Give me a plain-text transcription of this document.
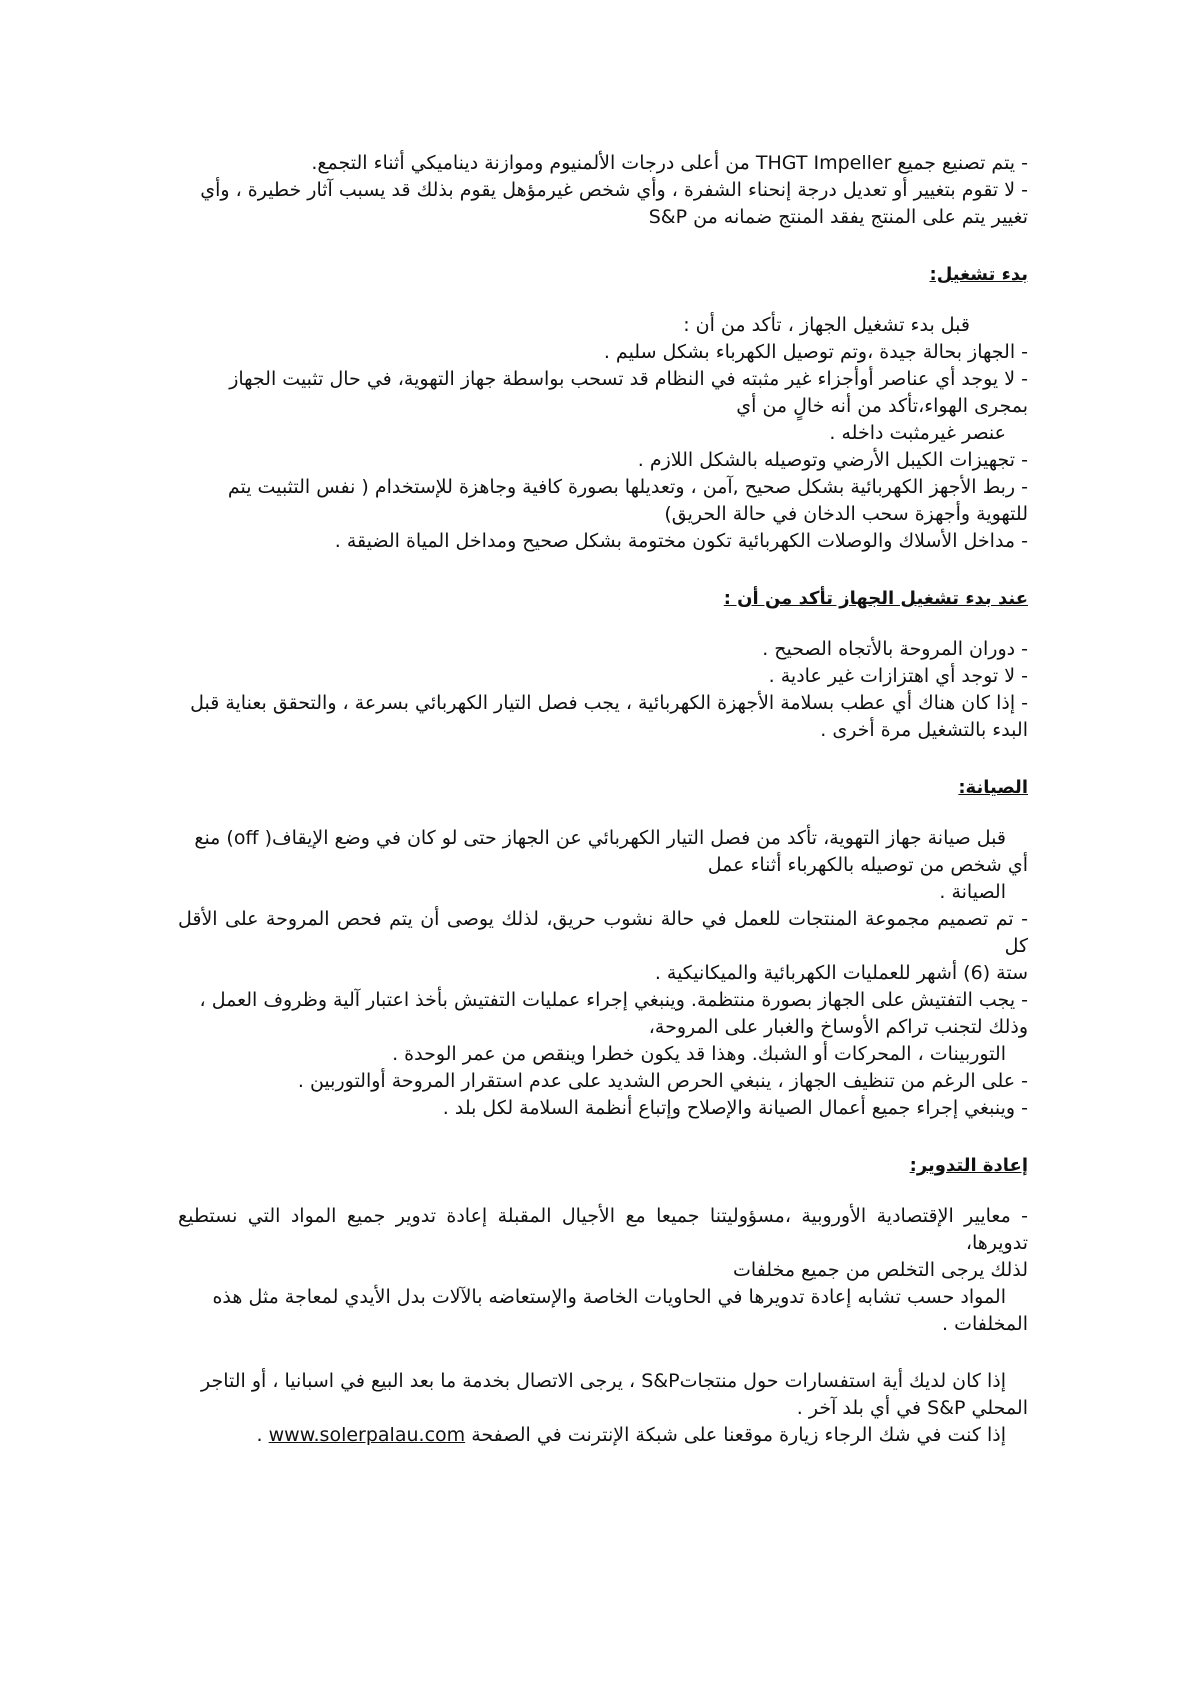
- يتم تصنيع جميع THGT Impeller من أعلى درجات الألمنيوم وموازنة ديناميكي أثناء التجمع.
- لا تقوم بتغيير أو تعديل درجة إنحناء الشفرة ، وأي شخص غيرمؤهل يقوم بذلك قد يسبب آثار خطيرة ، وأي
تغيير يتم على المنتج يفقد المنتج ضمانه من S&P
بدء تشغيل:
قبل بدء تشغيل الجهاز ، تأكد من أن :
- الجهاز بحالة جيدة ،وتم توصيل الكهرباء بشكل سليم .
- لا يوجد أي عناصر أوأجزاء غير مثبته في النظام قد تسحب بواسطة جهاز التهوية، في حال تثبيت الجهاز
بمجرى الهواء،تأكد من أنه خالٍ من أي
عنصر غيرمثبت داخله .
- تجهيزات الكيبل الأرضي وتوصيله بالشكل اللازم .
- ربط الأجهز الكهربائية بشكل صحيح ,آمن ، وتعديلها بصورة كافية وجاهزة للإستخدام ( نفس التثبيت يتم
للتهوية وأجهزة سحب الدخان في حالة الحريق)
- مداخل الأسلاك والوصلات الكهربائية تكون مختومة بشكل صحيح ومداخل المياة الضيقة .
عند بدء تشغيل الجهاز تأكد من أن :
- دوران المروحة بالأتجاه الصحيح .
- لا توجد أي اهتزازات غير عادية .
- إذا كان هناك أي عطب بسلامة الأجهزة الكهربائية ، يجب فصل التيار الكهربائي بسرعة ، والتحقق بعناية قبل
البدء بالتشغيل مرة أخرى .
الصيانة:
قبل صيانة جهاز التهوية، تأكد من فصل التيار الكهربائي عن الجهاز حتى لو كان في وضع الإيقاف( off) منع
أي شخص من توصيله بالكهرباء أثناء عمل
الصيانة .
- تم تصميم مجموعة المنتجات للعمل في حالة نشوب حريق، لذلك يوصى أن يتم فحص المروحة على الأقل كل
ستة (6) أشهر للعمليات الكهربائية والميكانيكية .
- يجب التفتيش على الجهاز بصورة منتظمة. وينبغي إجراء عمليات التفتيش بأخذ اعتبار آلية وظروف العمل ،
وذلك لتجنب تراكم الأوساخ والغبار على المروحة،
التوربينات ، المحركات أو الشبك. وهذا قد يكون خطرا وينقص من عمر الوحدة .
- على الرغم من تنظيف الجهاز ، ينبغي الحرص الشديد على عدم استقرار المروحة أوالتوربين .
- وينبغي إجراء جميع أعمال الصيانة والإصلاح وإتباع أنظمة السلامة لكل بلد .
إعادة التدوير:
- معايير الإقتصادية الأوروبية ،مسؤوليتنا جميعا مع الأجيال المقبلة إعادة تدوير جميع المواد التي نستطيع تدويرها،
لذلك يرجى التخلص من جميع مخلفات
المواد حسب تشابه إعادة تدويرها في الحاويات الخاصة والإستعاضه بالآلات بدل الأيدي لمعاجة مثل هذه
المخلفات .
إذا كان لديك أية استفسارات حول منتجاتS&P ، يرجى الاتصال بخدمة ما بعد البيع في اسبانيا ، أو التاجر
المحلي S&P في أي بلد آخر .
إذا كنت في شك الرجاء زيارة موقعنا على شبكة الإنترنت في الصفحة www.solerpalau.com .
